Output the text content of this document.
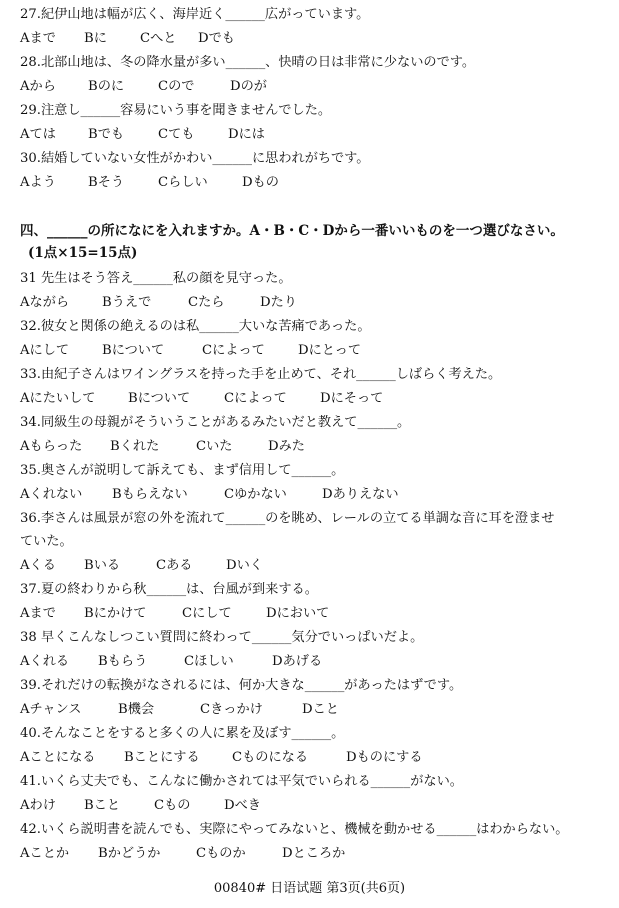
27.紀伊山地は幅が広く、海岸近く______広がっています。
Aまで Bに	Cへと Dでも
28.北部山地は、冬の降水量が多い______、快晴の日は非常に少ないのです。
Aから Bのに	Cので	Dのが
29.注意し______容易にいう事を聞きませんでした。
Aては Bでも	Cても	Dには
30.結婚していない女性がかわい______に思われがちです。
Aよう Bそう	Cらしい	Dもの
四、______の所になにを入れますか。A・B・C・Dから一番いいものを一つ選びなさい。
(1点×15=15点)
31 先生はそう答え______私の顔を見守った。
Aながら Bうえで	Cたら	Dたり
32.彼女と関係の絶えるのは私______大いな苦痛であった。
Aにして Bについて	Cによって	Dにとって
33.由紀子さんはワイングラスを持った手を止めて、それ______しばらく考えた。
Aにたいして Bについて	Cによって	Dにそって
34.同級生の母親がそういうことがあるみたいだと教えて______。
Aもらった Bくれた	Cいた	Dみた
35.奥さんが説明して訴えても、まず信用して______。
Aくれない Bもらえない	Cゆかない	Dありえない
36.李さんは風景が窓の外を流れて______のを眺め、レールの立てる単調な音に耳を澄ませ
ていた。
Aくる Bいる	Cある	Dいく
37.夏の終わりから秋______は、台風が到来する。
Aまで Bにかけて	Cにして	Dにおいて
38 早くこんなしつこい質問に終わって______気分でいっぱいだよ。
Aくれる Bもらう	Cほしい	Dあげる
39.それだけの転換がなされるには、何か大きな______があったはずです。
Aチャンス	B機会	Cきっかけ	Dこと
40.そんなことをすると多くの人に累を及ぼす______。
Aことになる Bことにする Cものになる	Dものにする
41.いくら丈夫でも、こんなに働かされては平気でいられる______がない。
Aわけ Bこと	Cもの	Dべき
42.いくら説明書を読んでも、実際にやってみないと、機械を動かせる______はわからない。
Aことか Bかどうか	Cものか	Dところか
00840# 日语试题 第3页(共6页)
